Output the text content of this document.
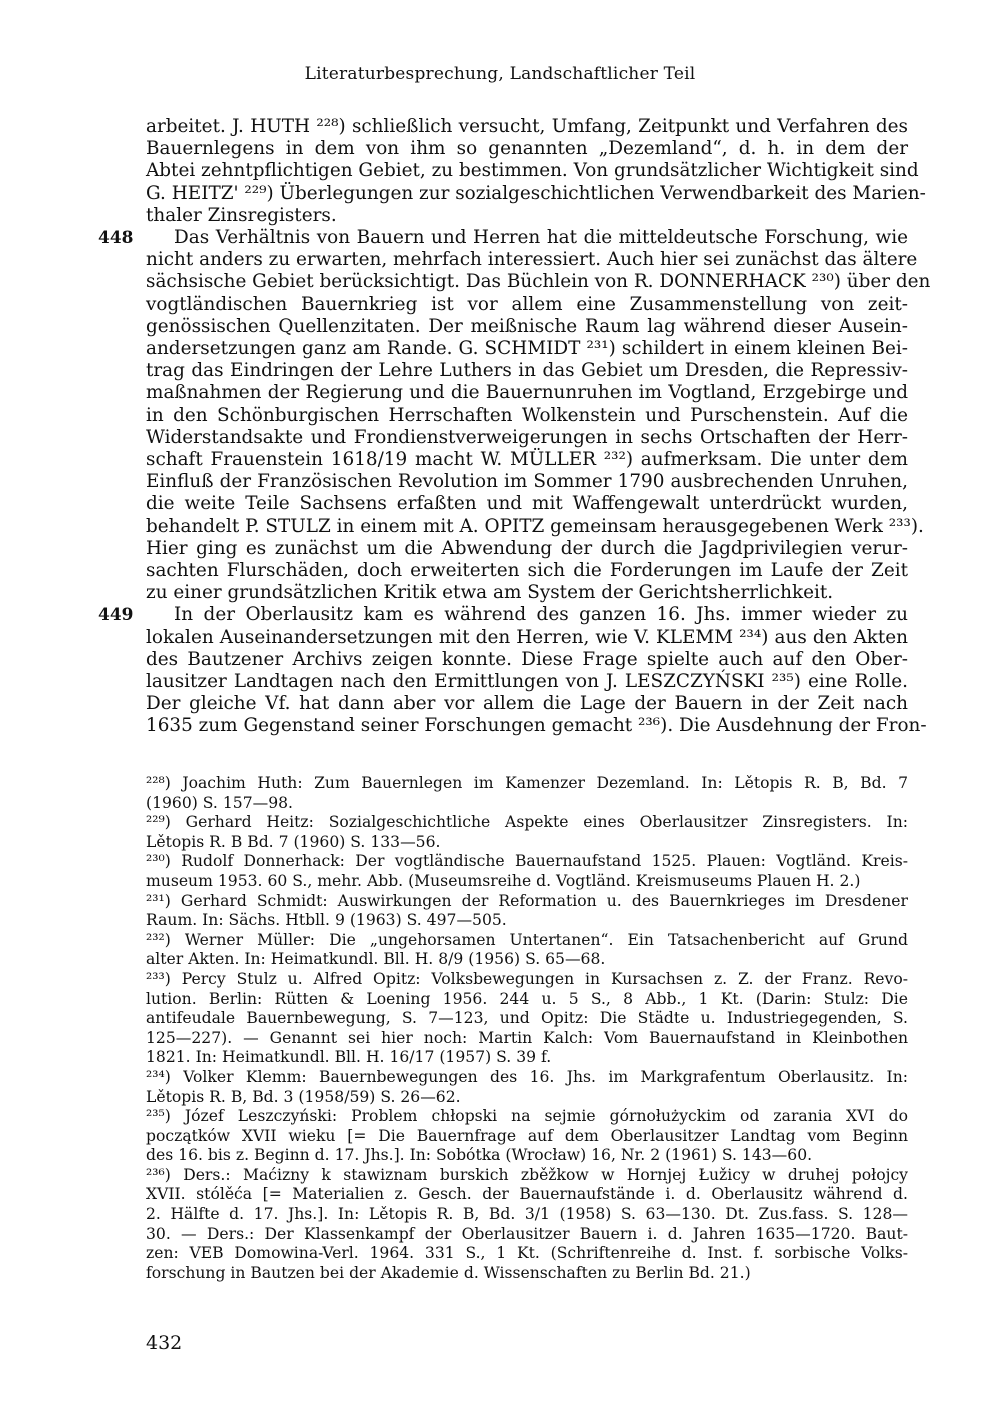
Literaturbesprechung, Landschaftlicher Teil
arbeitet. J. HUTH ²²⁸) schließlich versucht, Umfang, Zeitpunkt und Verfahren des
Bauernlegens in dem von ihm so genannten „Dezemland“, d. h. in dem der
Abtei zehntpflichtigen Gebiet, zu bestimmen. Von grundsätzlicher Wichtigkeit sind
G. HEITZ' ²²⁹) Überlegungen zur sozialgeschichtlichen Verwendbarkeit des Marien-
thaler Zinsregisters.
448	Das Verhältnis von Bauern und Herren hat die mitteldeutsche Forschung, wie
nicht anders zu erwarten, mehrfach interessiert. Auch hier sei zunächst das ältere
sächsische Gebiet berücksichtigt. Das Büchlein von R. DONNERHACK ²³⁰) über den
vogtländischen Bauernkrieg ist vor allem eine Zusammenstellung von zeit-
genössischen Quellenzitaten. Der meißnische Raum lag während dieser Ausein-
andersetzungen ganz am Rande. G. SCHMIDT ²³¹) schildert in einem kleinen Bei-
trag das Eindringen der Lehre Luthers in das Gebiet um Dresden, die Repressiv-
maßnahmen der Regierung und die Bauernunruhen im Vogtland, Erzgebirge und
in den Schönburgischen Herrschaften Wolkenstein und Purschenstein. Auf die
Widerstandsakte und Frondienstverweigerungen in sechs Ortschaften der Herr-
schaft Frauenstein 1618/19 macht W. MÜLLER ²³²) aufmerksam. Die unter dem
Einfluß der Französischen Revolution im Sommer 1790 ausbrechenden Unruhen,
die weite Teile Sachsens erfaßten und mit Waffengewalt unterdrückt wurden,
behandelt P. STULZ in einem mit A. OPITZ gemeinsam herausgegebenen Werk ²³³).
Hier ging es zunächst um die Abwendung der durch die Jagdprivilegien verur-
sachten Flurschäden, doch erweiterten sich die Forderungen im Laufe der Zeit
zu einer grundsätzlichen Kritik etwa am System der Gerichtsherrlichkeit.
449	In der Oberlausitz kam es während des ganzen 16. Jhs. immer wieder zu
lokalen Auseinandersetzungen mit den Herren, wie V. KLEMM ²³⁴) aus den Akten
des Bautzener Archivs zeigen konnte. Diese Frage spielte auch auf den Ober-
lausitzer Landtagen nach den Ermittlungen von J. LESZCZYŃSKI ²³⁵) eine Rolle.
Der gleiche Vf. hat dann aber vor allem die Lage der Bauern in der Zeit nach
1635 zum Gegenstand seiner Forschungen gemacht ²³⁶). Die Ausdehnung der Fron-
²²⁸) Joachim Huth: Zum Bauernlegen im Kamenzer Dezemland. In: Lětopis R. B, Bd. 7
(1960) S. 157—98.
²²⁹) Gerhard Heitz: Sozialgeschichtliche Aspekte eines Oberlausitzer Zinsregisters. In:
Lětopis R. B Bd. 7 (1960) S. 133—56.
²³⁰) Rudolf Donnerhack: Der vogtländische Bauernaufstand 1525. Plauen: Vogtländ. Kreis-
museum 1953. 60 S., mehr. Abb. (Museumsreihe d. Vogtländ. Kreismuseums Plauen H. 2.)
²³¹) Gerhard Schmidt: Auswirkungen der Reformation u. des Bauernkrieges im Dresdener
Raum. In: Sächs. Htbll. 9 (1963) S. 497—505.
²³²) Werner Müller: Die „ungehorsamen Untertanen“. Ein Tatsachenbericht auf Grund
alter Akten. In: Heimatkundl. Bll. H. 8/9 (1956) S. 65—68.
²³³) Percy Stulz u. Alfred Opitz: Volksbewegungen in Kursachsen z. Z. der Franz. Revo-
lution. Berlin: Rütten & Loening 1956. 244 u. 5 S., 8 Abb., 1 Kt. (Darin: Stulz: Die
antifeudale Bauernbewegung, S. 7—123, und Opitz: Die Städte u. Industriegegenden, S.
125—227). — Genannt sei hier noch: Martin Kalch: Vom Bauernaufstand in Kleinbothen
1821. In: Heimatkundl. Bll. H. 16/17 (1957) S. 39 f.
²³⁴) Volker Klemm: Bauernbewegungen des 16. Jhs. im Markgrafentum Oberlausitz. In:
Lětopis R. B, Bd. 3 (1958/59) S. 26—62.
²³⁵) Józef Leszczyński: Problem chłopski na sejmie górnołużyckim od zarania XVI do
początków XVII wieku [= Die Bauernfrage auf dem Oberlausitzer Landtag vom Beginn
des 16. bis z. Beginn d. 17. Jhs.]. In: Sobótka (Wrocław) 16, Nr. 2 (1961) S. 143—60.
²³⁶) Ders.: Maćizny k stawiznam burskich zběžkow w Hornjej Łužicy w druhej połojcy
XVII. stólěća [= Materialien z. Gesch. der Bauernaufstände i. d. Oberlausitz während d.
2. Hälfte d. 17. Jhs.]. In: Lětopis R. B, Bd. 3/1 (1958) S. 63—130. Dt. Zus.fass. S. 128—
30. — Ders.: Der Klassenkampf der Oberlausitzer Bauern i. d. Jahren 1635—1720. Baut-
zen: VEB Domowina-Verl. 1964. 331 S., 1 Kt. (Schriftenreihe d. Inst. f. sorbische Volks-
forschung in Bautzen bei der Akademie d. Wissenschaften zu Berlin Bd. 21.)
432
